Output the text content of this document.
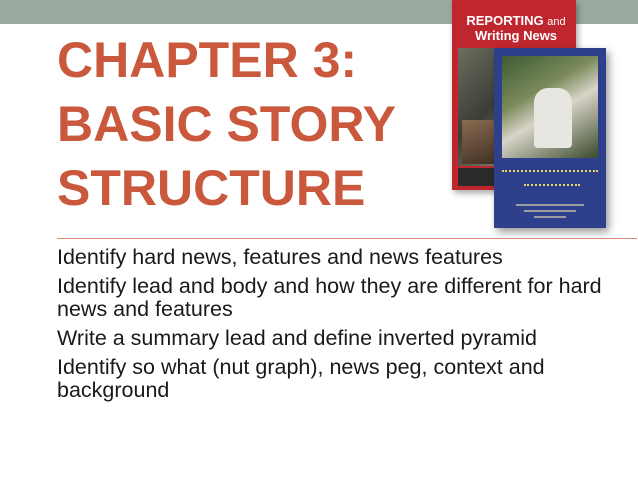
CHAPTER 3:
BASIC STORY
STRUCTURE
REPORTING and
Writing News
Identify hard news, features and news features
Identify lead and body and how they are different for hard news and features
Write a summary lead and define inverted pyramid
Identify so what (nut graph), news peg, context and background
